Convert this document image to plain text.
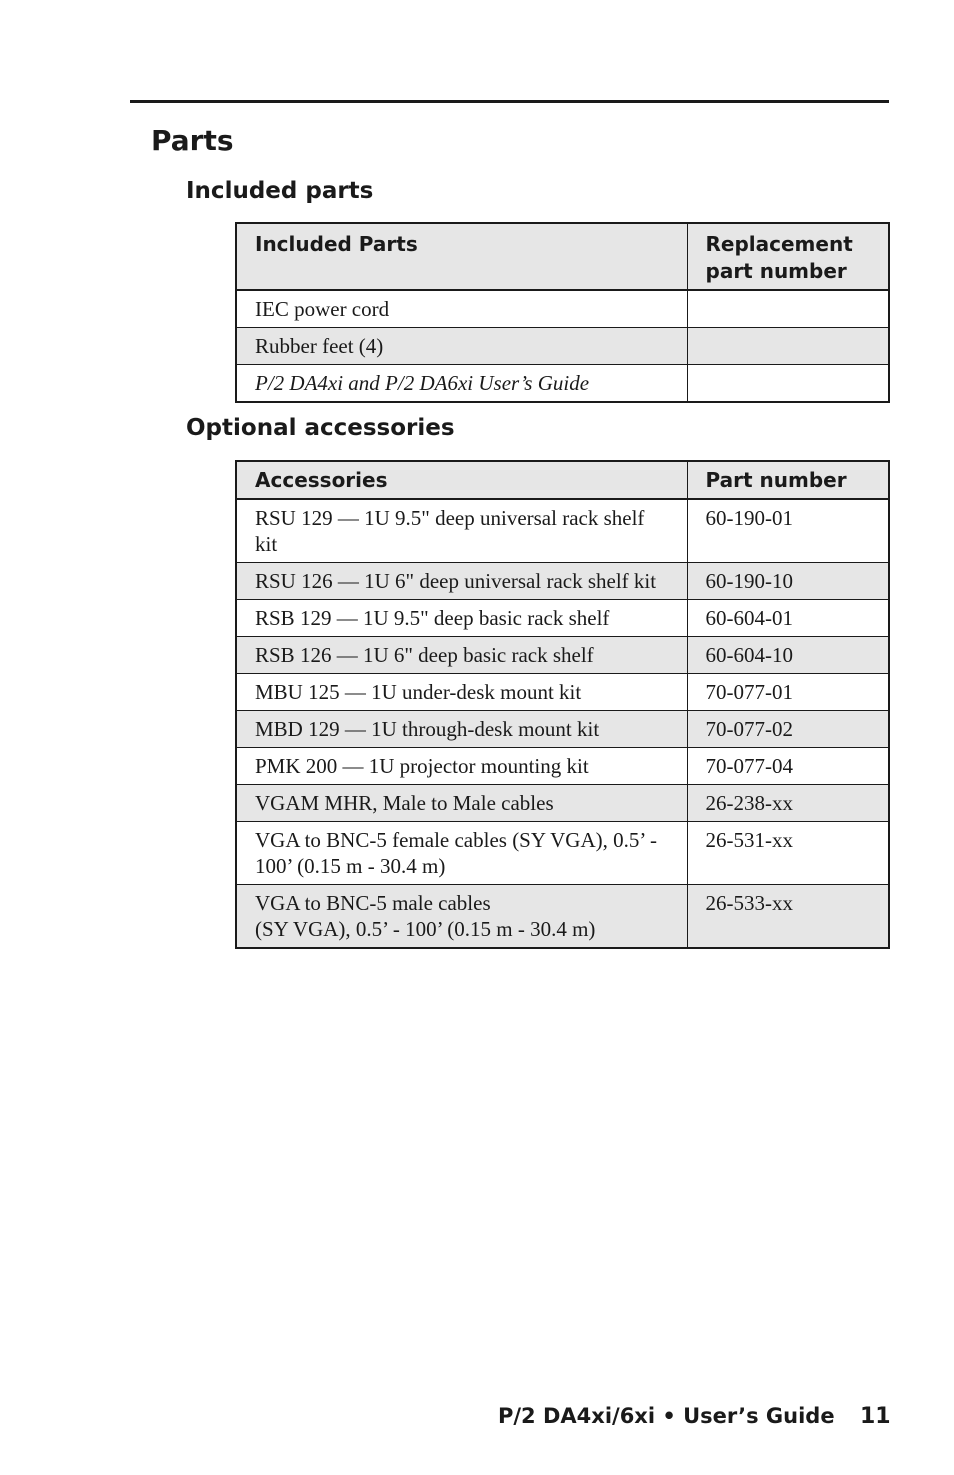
Parts
Included parts
Included Parts	Replacement part number
IEC power cord	
Rubber feet (4)	
P/2 DA4xi and P/2 DA6xi User’s Guide	
Optional accessories
Accessories	Part number
RSU 129 — 1U 9.5" deep universal rack shelf kit	60-190-01
RSU 126 — 1U 6" deep universal rack shelf kit	60-190-10
RSB 129 — 1U 9.5" deep basic rack shelf	60-604-01
RSB 126 — 1U 6" deep basic rack shelf	60-604-10
MBU 125 — 1U under-desk mount kit	70-077-01
MBD 129 — 1U through-desk mount kit	70-077-02
PMK 200 — 1U projector mounting kit	70-077-04
VGAM MHR, Male to Male cables	26-238-xx
VGA to BNC-5 female cables (SY VGA), 0.5’ - 100’ (0.15 m - 30.4 m)	26-531-xx
VGA to BNC-5 male cables
(SY VGA), 0.5’ - 100’ (0.15 m - 30.4 m)	26-533-xx

P/2 DA4xi/6xi • User’s Guide 11
